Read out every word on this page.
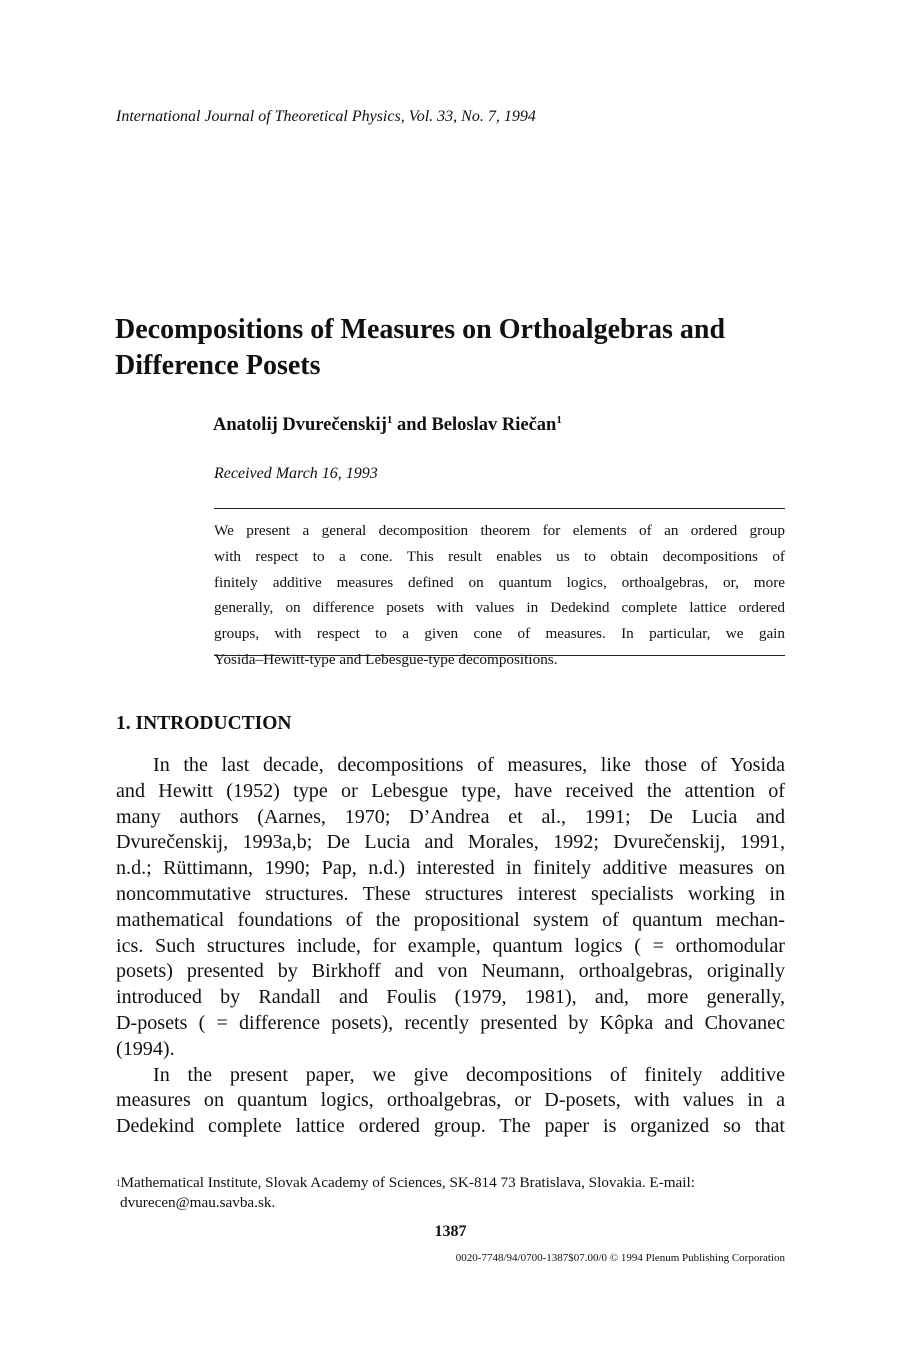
International Journal of Theoretical Physics, Vol. 33, No. 7, 1994
Decompositions of Measures on Orthoalgebras and
Difference Posets
Anatolij Dvurečenskij$^1$ and Beloslav Riečan$^1$
Received March 16, 1993
We present a general decomposition theorem for elements of an ordered group
with respect to a cone. This result enables us to obtain decompositions of
finitely additive measures defined on quantum logics, orthoalgebras, or, more
generally, on difference posets with values in Dedekind complete lattice ordered
groups, with respect to a given cone of measures. In particular, we gain
Yosida–Hewitt-type and Lebesgue-type decompositions.
1. INTRODUCTION
In the last decade, decompositions of measures, like those of Yosida
and Hewitt (1952) type or Lebesgue type, have received the attention of
many authors (Aarnes, 1970; D’Andrea et al., 1991; De Lucia and
Dvurečenskij, 1993a,b; De Lucia and Morales, 1992; Dvurečenskij, 1991,
n.d.; Rüttimann, 1990; Pap, n.d.) interested in finitely additive measures on
noncommutative structures. These structures interest specialists working in
mathematical foundations of the propositional system of quantum mechan-
ics. Such structures include, for example, quantum logics ( = orthomodular
posets) presented by Birkhoff and von Neumann, orthoalgebras, originally
introduced by Randall and Foulis (1979, 1981), and, more generally,
D-posets ( = difference posets), recently presented by Kôpka and Chovanec
(1994).
In the present paper, we give decompositions of finitely additive
measures on quantum logics, orthoalgebras, or D-posets, with values in a
Dedekind complete lattice ordered group. The paper is organized so that
$^1$Mathematical Institute, Slovak Academy of Sciences, SK-814 73 Bratislava, Slovakia. E-mail:
dvurecen@mau.savba.sk.
1387
0020-7748/94/0700-1387$07.00/0 © 1994 Plenum Publishing Corporation
